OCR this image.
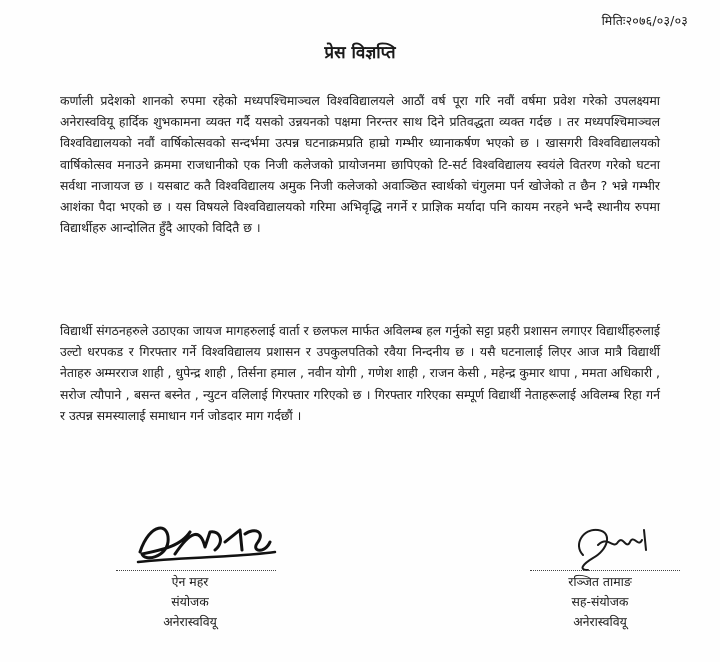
मितिः२०७६/०३/०३
प्रेस विज्ञप्ति
कर्णाली प्रदेशको शानको रुपमा रहेको मध्यपश्चिमाञ्चल विश्वविद्यालयले आठौं वर्ष पूरा गरि नवौं वर्षमा प्रवेश गरेको उपलक्ष्यमा अनेरास्ववियू हार्दिक शुभकामना व्यक्त गर्दै यसको उन्नयनको पक्षमा निरन्तर साथ दिने प्रतिवद्धता व्यक्त गर्दछ । तर मध्यपश्चिमाञ्चल विश्वविद्यालयको नवौं वार्षिकोत्सवको सन्दर्भमा उत्पन्न घटनाक्रमप्रति हाम्रो गम्भीर ध्यानाकर्षण भएको छ । खासगरी विश्वविद्यालयको वार्षिकोत्सव मनाउने क्रममा राजधानीको एक निजी कलेजको प्रायोजनमा छापिएको टि-सर्ट विश्वविद्यालय स्वयंले वितरण गरेको घटना सर्वथा नाजायज छ । यसबाट कतै विश्वविद्यालय अमुक निजी कलेजको अवाञ्छित स्वार्थको चंगुलमा पर्न खोजेको त छैन ? भन्ने गम्भीर आशंका पैदा भएको छ । यस विषयले विश्वविद्यालयको गरिमा अभिवृद्धि नगर्ने र प्राज्ञिक मर्यादा पनि कायम नरहने भन्दै स्थानीय रुपमा विद्यार्थीहरु आन्दोलित हुँदै आएको विदितै छ ।
विद्यार्थी संगठनहरुले उठाएका जायज मागहरुलाई वार्ता र छलफल मार्फत अविलम्ब हल गर्नुको सट्टा प्रहरी प्रशासन लगाएर विद्यार्थीहरुलाई उल्टो धरपकड र गिरफ्तार गर्ने विश्वविद्यालय प्रशासन र उपकुलपतिको रवैया निन्दनीय छ । यसै घटनालाई लिएर आज मात्रै विद्यार्थी नेताहरु अम्मरराज शाही , धुपेन्द्र शाही , तिर्सना हमाल , नवीन योगी , गणेश शाही , राजन केसी , महेन्द्र कुमार थापा , ममता अधिकारी , सरोज त्यौपाने , बसन्त बस्नेत , न्युटन वलिलाई गिरफ्तार गरिएको छ । गिरफ्तार गरिएका सम्पूर्ण विद्यार्थी नेताहरूलाई अविलम्ब रिहा गर्न र उत्पन्न समस्यालाई समाधान गर्न जोडदार माग गर्दछौं ।
ऐन महर
संयोजक
अनेरास्ववियू
रञ्जित तामाङ
सह-संयोजक
अनेरास्ववियू
